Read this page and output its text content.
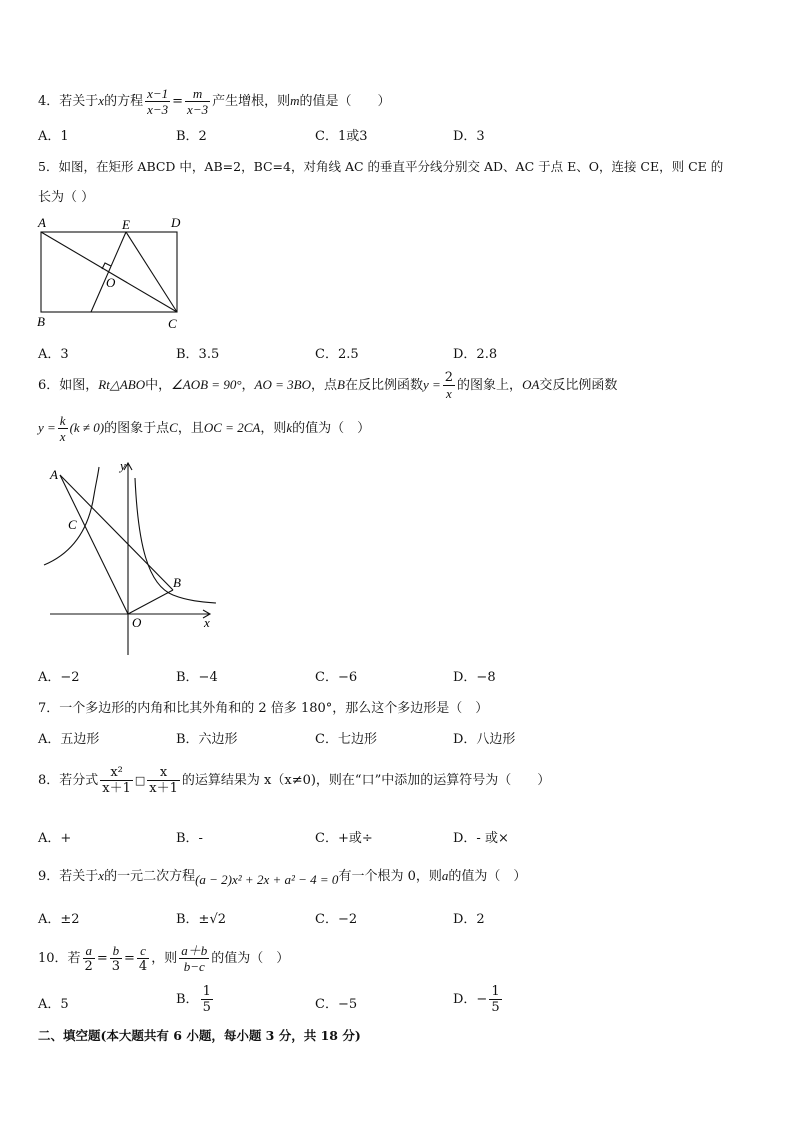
4．若关于x的方程 $\frac{x-1}{x-3} = \frac{m}{x-3}$ 产生增根，则m的值是（　　）
A．1	B．2	C．1或3	D．3
5．如图，在矩形 ABCD 中，AB=2，BC=4，对角线 AC 的垂直平分线分别交 AD、AC 于点 E、O，连接 CE，则 CE 的
长为（ ）
A	E	D
O
B	C
A．3	B．3.5	C．2.5	D．2.8
6．如图，Rt△ABO中，∠AOB = 90°，AO = 3BO，点B在反比例函数$y = \frac{2}{x}$ 的图象上，OA交反比例函数
$y = \frac{k}{x} (k \ne 0)$的图象于点C，且OC = 2CA，则k的值为（　）
A
C
B
O	x
y
A．−2	B．−4	C．−6	D．−8
7．一个多边形的内角和比其外角和的 2 倍多 180°，那么这个多边形是（　）
A．五边形	B．六边形	C．七边形	D．八边形
8．若分式 $\frac{\text{x²}}{x+1}$ □ $\frac{x}{x+1}$ 的运算结果为 x（x≠0)，则在“口”中添加的运算符号为（　　）
A．+	B．-	C．+或÷	D．- 或×
9．若关于x的一元二次方程(a − 2)x² + 2x + a² − 4 = 0有一个根为 0，则a的值为（　）
A．±2	B．±√2	C．−2	D．2
10．若 $\frac{a}{2} = \frac{b}{3} = \frac{c}{4}$ ，则 $\frac{a+b}{b-c}$ 的值为（　）
A．5	B． $\frac{1}{5}$	C．−5	D．− $\frac{1}{5}$
二、填空题(本大题共有 6 小题，每小题 3 分，共 18 分)
